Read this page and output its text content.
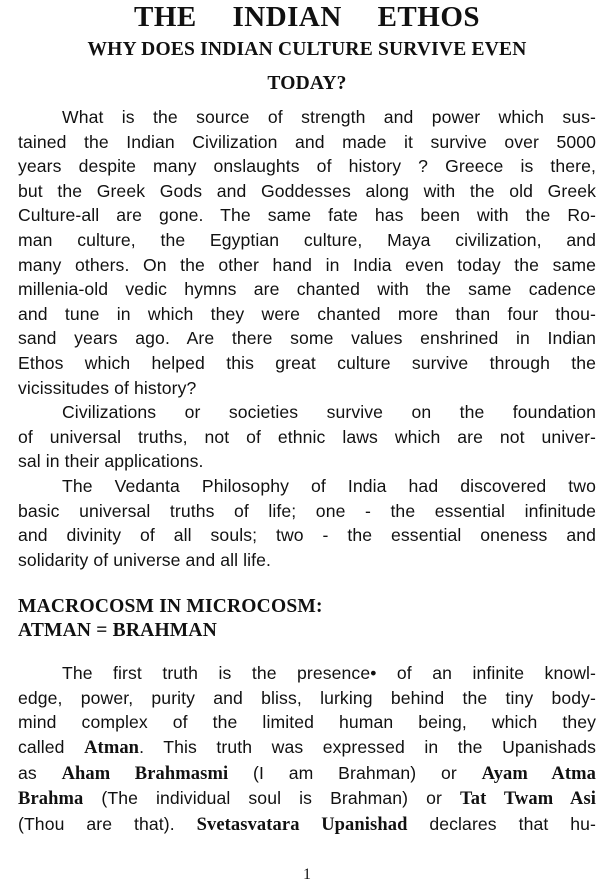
THE INDIAN ETHOS
WHY DOES INDIAN CULTURE SURVIVE EVEN
TODAY?
What is the source of strength and power which sus-
tained the Indian Civilization and made it survive over 5000
years despite many onslaughts of history ? Greece is there,
but the Greek Gods and Goddesses along with the old Greek
Culture-all are gone. The same fate has been with the Ro-
man culture, the Egyptian culture, Maya civilization, and
many others. On the other hand in India even today the same
millenia-old vedic hymns are chanted with the same cadence
and tune in which they were chanted more than four thou-
sand years ago. Are there some values enshrined in Indian
Ethos which helped this great culture survive through the
vicissitudes of history?
Civilizations or societies survive on the foundation
of universal truths, not of ethnic laws which are not univer-
sal in their applications.
The Vedanta Philosophy of India had discovered two
basic universal truths of life; one - the essential infinitude
and divinity of all souls; two - the essential oneness and
solidarity of universe and all life.
MACROCOSM IN MICROCOSM:
ATMAN = BRAHMAN
The first truth is the presence• of an infinite knowl-
edge, power, purity and bliss, lurking behind the tiny body-
mind complex of the limited human being, which they
called Atman. This truth was expressed in the Upanishads
as Aham Brahmasmi (I am Brahman) or Ayam Atma
Brahma (The individual soul is Brahman) or Tat Twam Asi
(Thou are that). Svetasvatara Upanishad declares that hu-
1
